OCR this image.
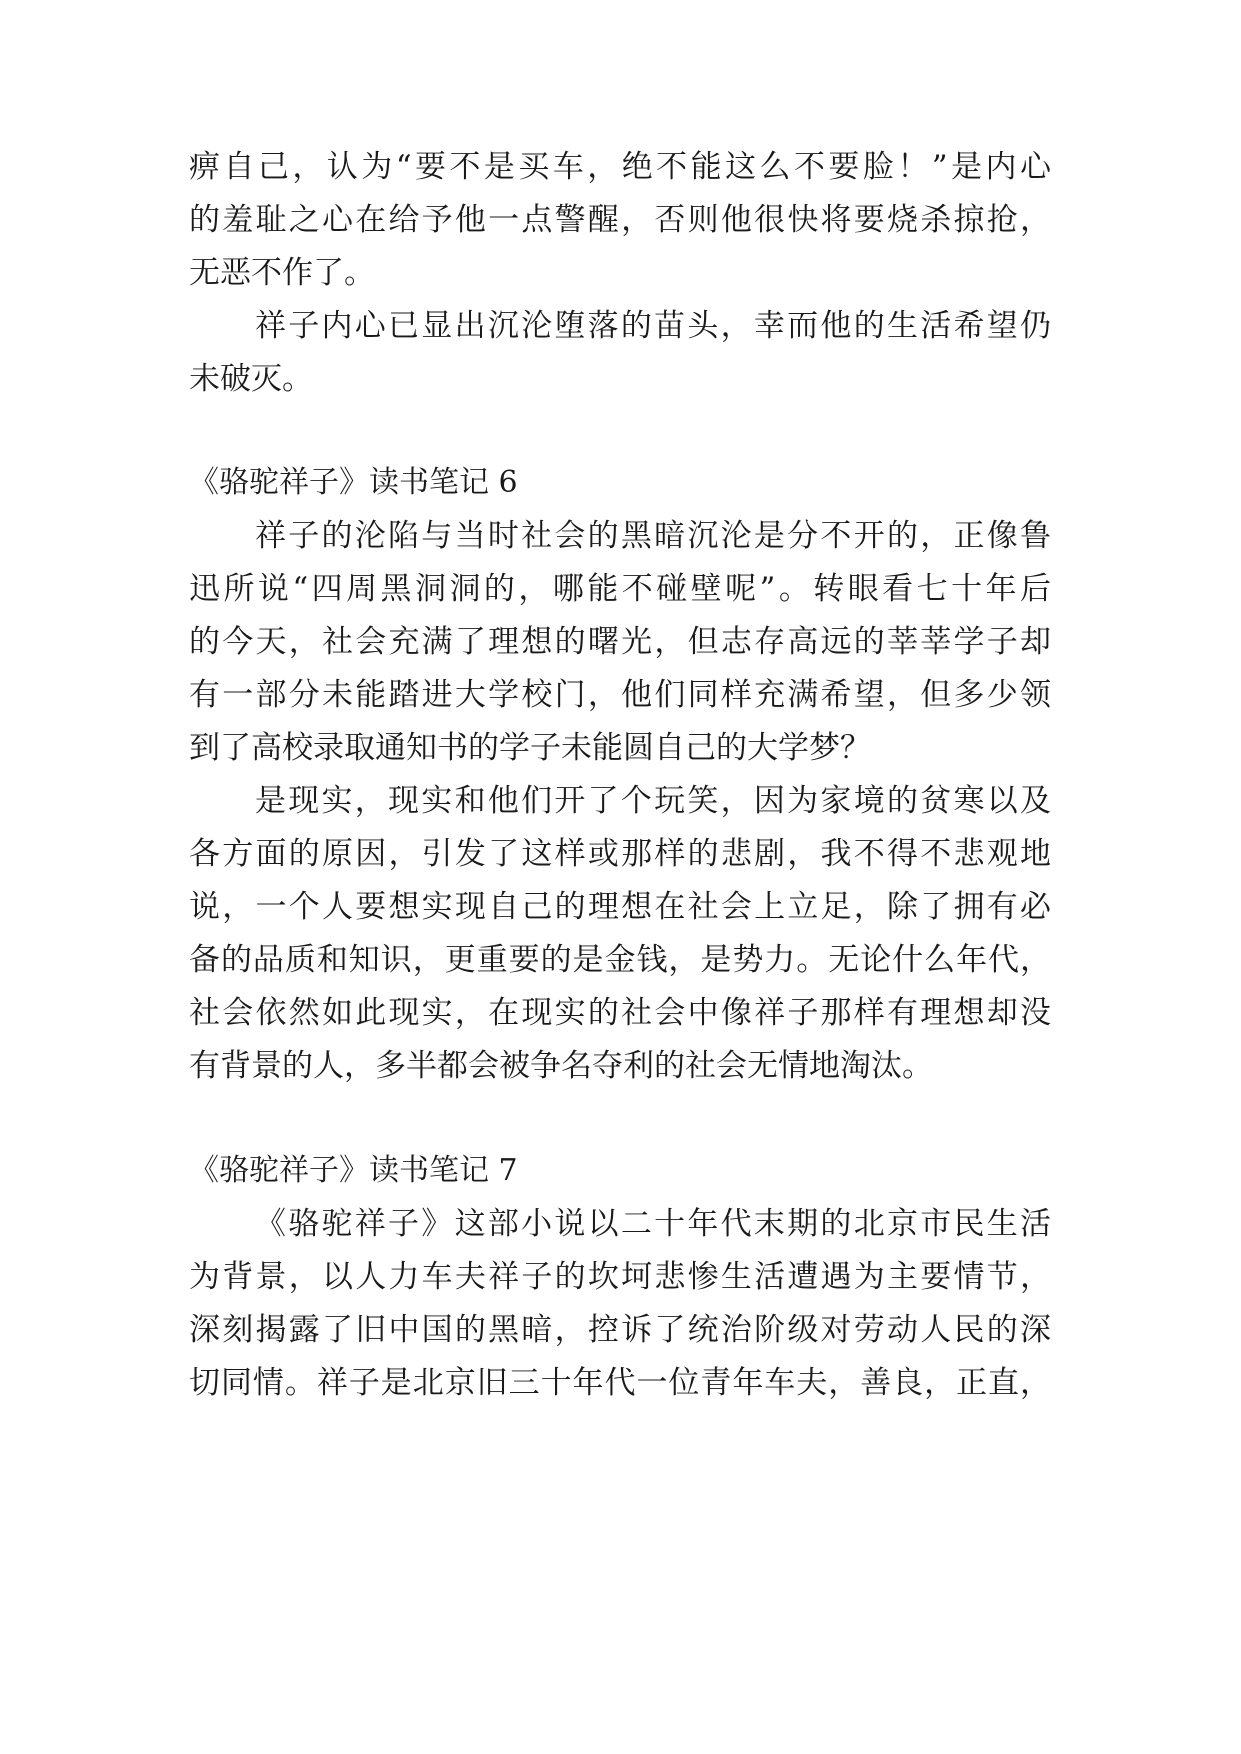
痹自己，认为“要不是买车，绝不能这么不要脸！”是内心
的羞耻之心在给予他一点警醒，否则他很快将要烧杀掠抢，
无恶不作了。
祥子内心已显出沉沦堕落的苗头，幸而他的生活希望仍
未破灭。
《骆驼祥子》读书笔记 6
祥子的沦陷与当时社会的黑暗沉沦是分不开的，正像鲁
迅所说“四周黑洞洞的，哪能不碰壁呢”。转眼看七十年后
的今天，社会充满了理想的曙光，但志存高远的莘莘学子却
有一部分未能踏进大学校门，他们同样充满希望，但多少领
到了高校录取通知书的学子未能圆自己的大学梦？
是现实，现实和他们开了个玩笑，因为家境的贫寒以及
各方面的原因，引发了这样或那样的悲剧，我不得不悲观地
说，一个人要想实现自己的理想在社会上立足，除了拥有必
备的品质和知识，更重要的是金钱，是势力。无论什么年代，
社会依然如此现实，在现实的社会中像祥子那样有理想却没
有背景的人，多半都会被争名夺利的社会无情地淘汰。
《骆驼祥子》读书笔记 7
《骆驼祥子》这部小说以二十年代末期的北京市民生活
为背景，以人力车夫祥子的坎坷悲惨生活遭遇为主要情节，
深刻揭露了旧中国的黑暗，控诉了统治阶级对劳动人民的深
切同情。祥子是北京旧三十年代一位青年车夫，善良，正直，
